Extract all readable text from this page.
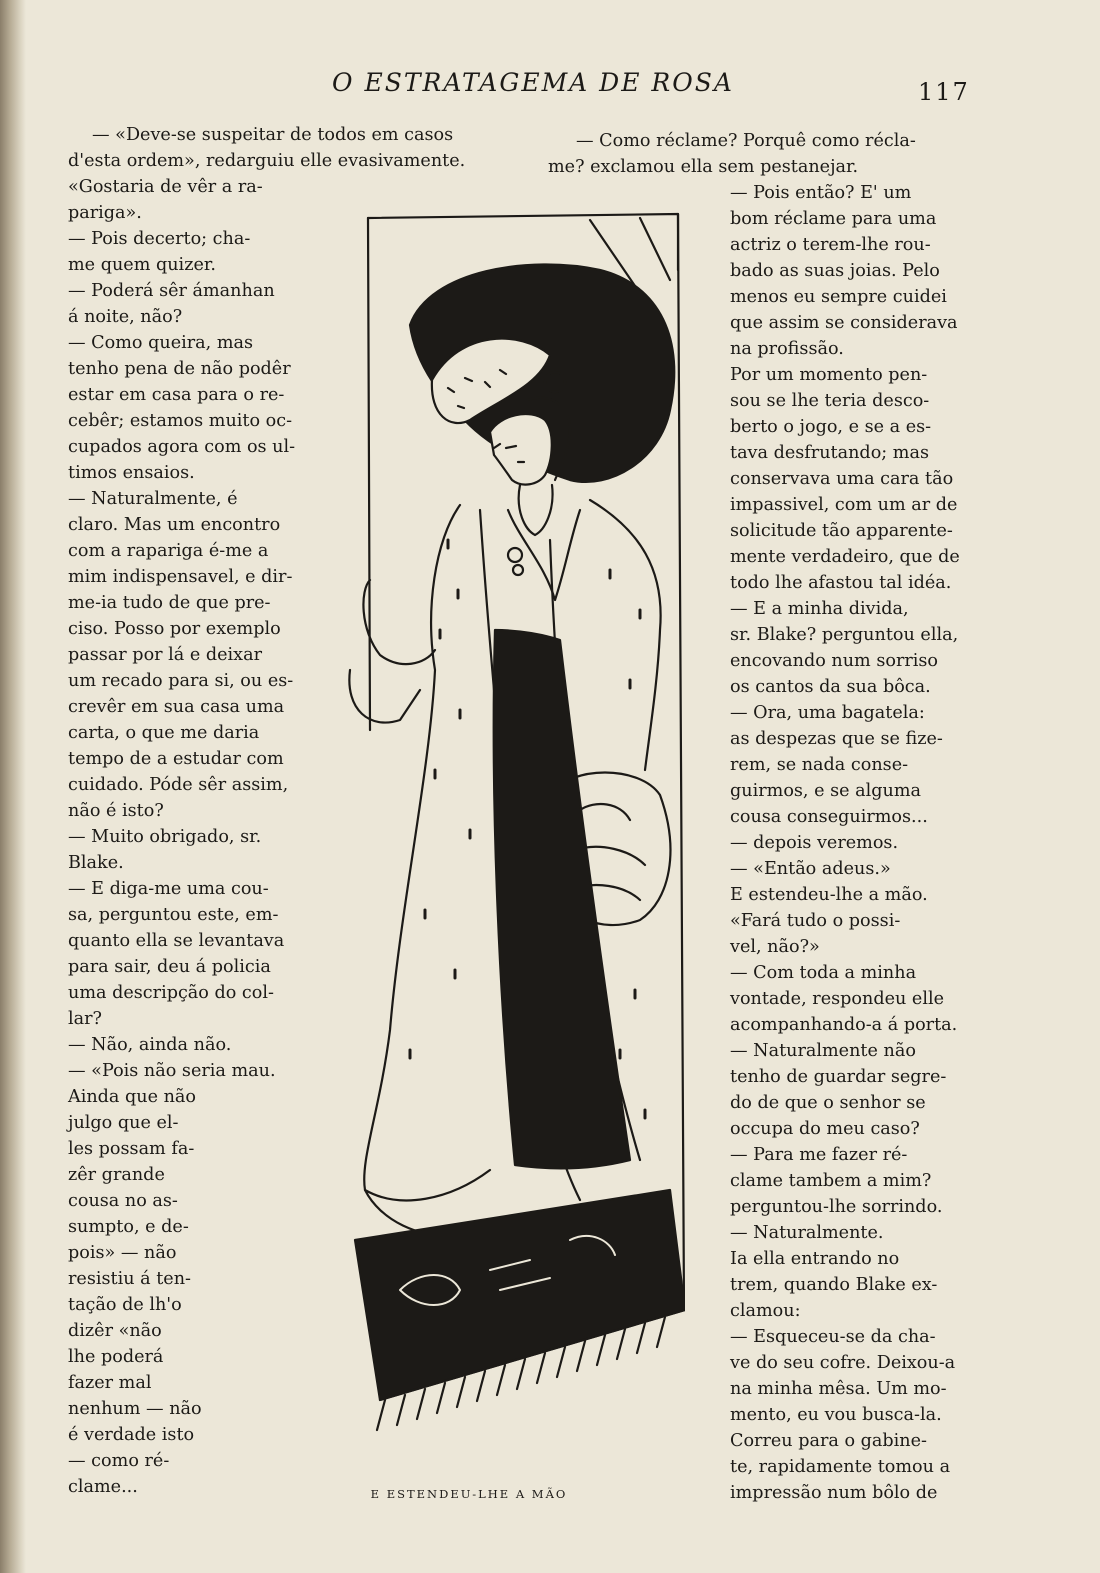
O ESTRATAGEMA DE ROSA	117

— «Deve-se suspeitar de todos em casos

d'esta ordem», redarguiu elle evasivamente.

«Gostaria de vêr a ra-

pariga».

— Pois decerto; cha-

me quem quizer.

— Poderá sêr ámanhan

á noite, não?

— Como queira, mas

tenho pena de não podêr

estar em casa para o re-

cebêr; estamos muito oc-

cupados agora com os ul-

timos ensaios.

— Naturalmente, é

claro. Mas um encontro

com a rapariga é-me a

mim indispensavel, e dir-

me-ia tudo de que pre-

ciso. Posso por exemplo

passar por lá e deixar

um recado para si, ou es-

crevêr em sua casa uma

carta, o que me daria

tempo de a estudar com

cuidado. Póde sêr assim,

não é isto?

— Muito obrigado, sr.

Blake.

— E diga-me uma cou-

sa, perguntou este, em-

quanto ella se levantava

para sair, deu á policia

uma descripção do col-

lar?

— Não, ainda não.

— «Pois não seria mau.

Ainda que não

julgo que el-

les possam fa-

zêr grande

cousa no as-

sumpto, e de-

pois» — não

resistiu á ten-

tação de lh'o

dizêr «não

lhe poderá

fazer mal

nenhum — não

é verdade isto

— como ré-

clame...

— Como réclame? Porquê como récla-

me? exclamou ella sem pestanejar.

— Pois então? E' um

bom réclame para uma

actriz o terem-lhe rou-

bado as suas joias. Pelo

menos eu sempre cuidei

que assim se considerava

na profissão.

Por um momento pen-

sou se lhe teria desco-

berto o jogo, e se a es-

tava desfrutando; mas

conservava uma cara tão

impassivel, com um ar de

solicitude tão apparente-

mente verdadeiro, que de

todo lhe afastou tal idéa.

— E a minha divida,

sr. Blake? perguntou ella,

encovando num sorriso

os cantos da sua bôca.

— Ora, uma bagatela:

as despezas que se fize-

rem, se nada conse-

guirmos, e se alguma

cousa conseguirmos...

— depois veremos.

— «Então adeus.»

E estendeu-lhe a mão.

«Fará tudo o possi-

vel, não?»

— Com toda a minha

vontade, respondeu elle

acompanhando-a á porta.

— Naturalmente não

tenho de guardar segre-

do de que o senhor se

occupa do meu caso?

— Para me fazer ré-

clame tambem a mim?

perguntou-lhe sorrindo.

— Naturalmente.

Ia ella entrando no

trem, quando Blake ex-

clamou:

— Esqueceu-se da cha-

ve do seu cofre. Deixou-a

na minha mêsa. Um mo-

mento, eu vou busca-la.

Correu para o gabine-

te, rapidamente tomou a

impressão num bôlo de

E ESTENDEU-LHE A MÃO
